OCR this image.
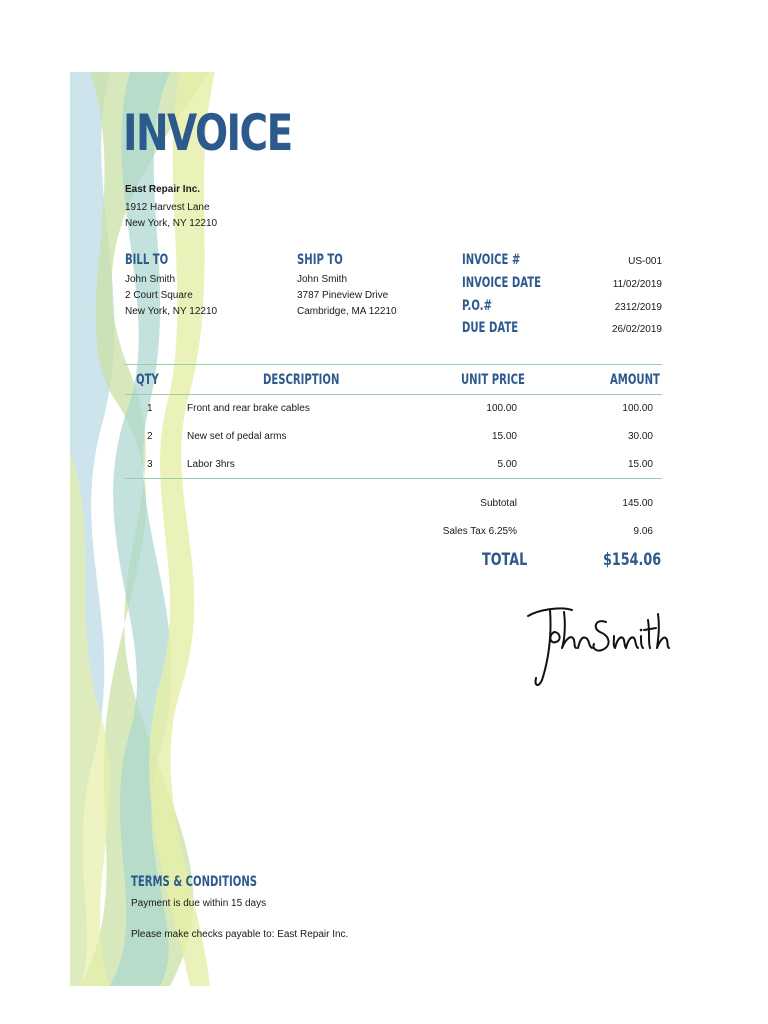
INVOICE
East Repair Inc.
1912 Harvest Lane
New York, NY 12210
BILL TO
John Smith
2 Court Square
New York, NY 12210
SHIP TO
John Smith
3787 Pineview Drive
Cambridge, MA 12210
INVOICE #	US-001
INVOICE DATE	11/02/2019
P.O.#	2312/2019
DUE DATE	26/02/2019
QTY	DESCRIPTION	UNIT PRICE	AMOUNT
1	Front and rear brake cables	100.00	100.00
2	New set of pedal arms	15.00	30.00
3	Labor 3hrs	5.00	15.00
Subtotal	145.00
Sales Tax 6.25%	9.06
TOTAL	$154.06
TERMS & CONDITIONS
Payment is due within 15 days
Please make checks payable to: East Repair Inc.
